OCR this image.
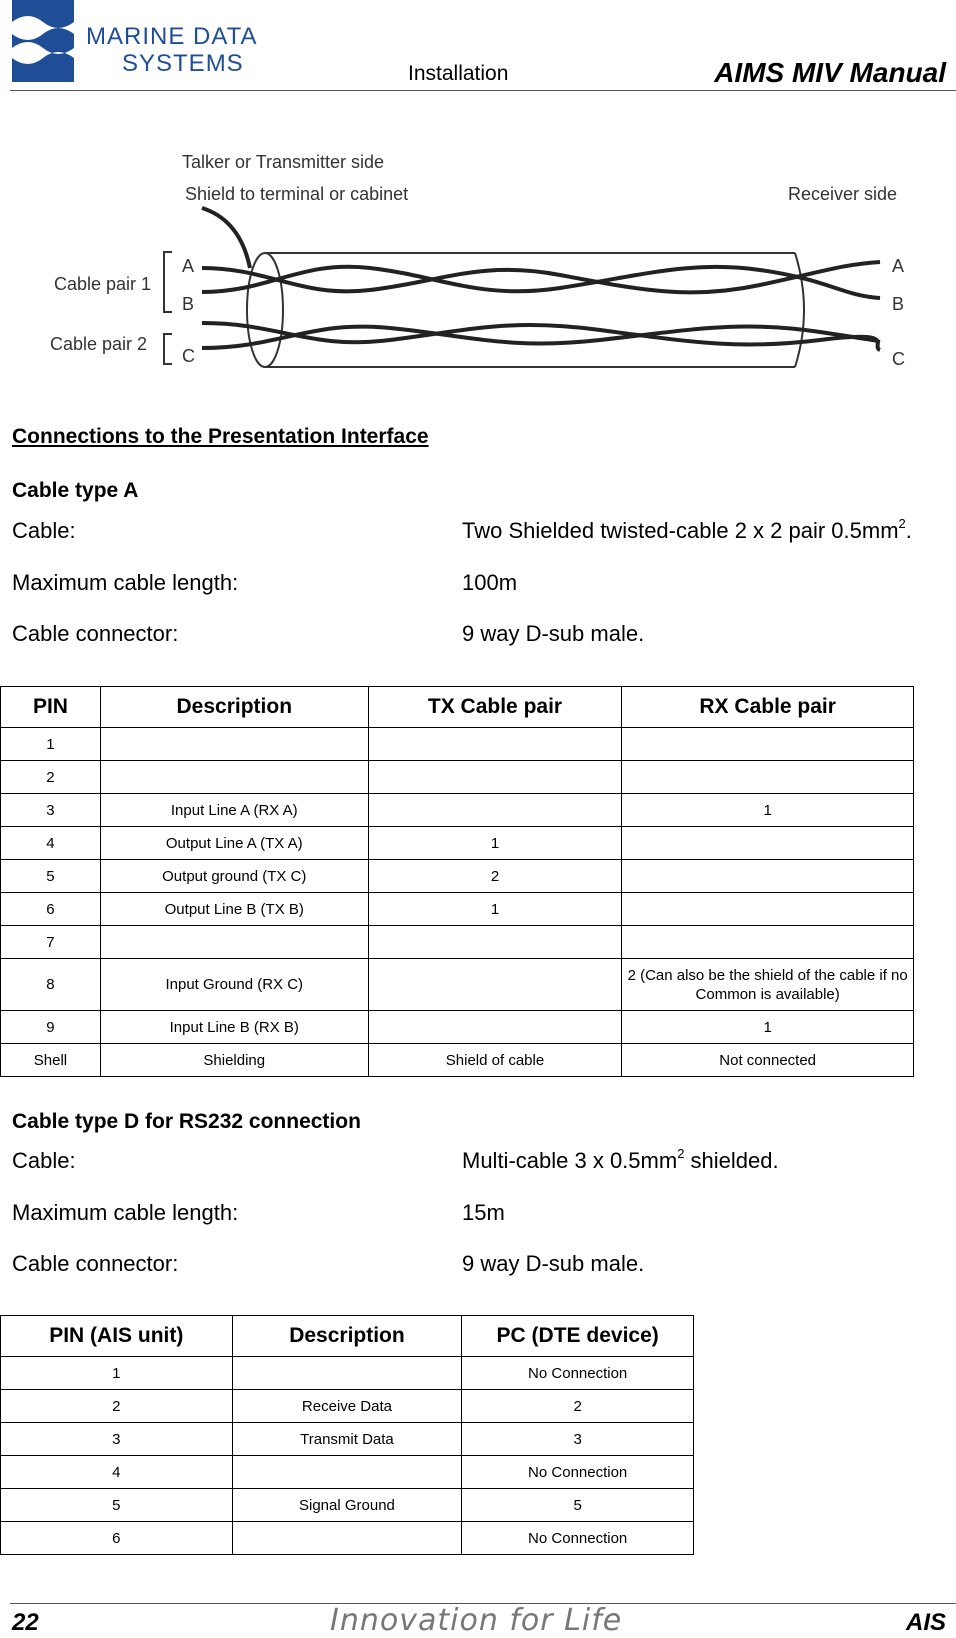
MARINE DATA
SYSTEMS	Installation	AIMS MIV Manual
Talker or Transmitter side
Shield to terminal or cabinet	Receiver side
Cable pair 1
Cable pair 2
A
B
C
A
B
C
Connections to the Presentation Interface
Cable type A
Cable:	Two Shielded twisted-cable 2 x 2 pair $0.5mm^2$.
Maximum cable length:	100m
Cable connector:	9 way D-sub male.
PIN	Description	TX Cable pair	RX Cable pair
1			
2			
3	Input Line A (RX A)		1
4	Output Line A (TX A)	1	
5	Output ground (TX C)	2	
6	Output Line B (TX B)	1	
7			
8	Input Ground (RX C)		2 (Can also be the shield of the cable if no Common is available)
9	Input Line B (RX B)		1
Shell	Shielding	Shield of cable	Not connected
Cable type D for RS232 connection
Cable:	Multi-cable 3 x $0.5mm^2$ shielded.
Maximum cable length:	15m
Cable connector:	9 way D-sub male.
PIN (AIS unit)	Description	PC (DTE device)
1		No Connection
2	Receive Data	2
3	Transmit Data	3
4		No Connection
5	Signal Ground	5
6		No Connection
22	Innovation for Life	AIS
